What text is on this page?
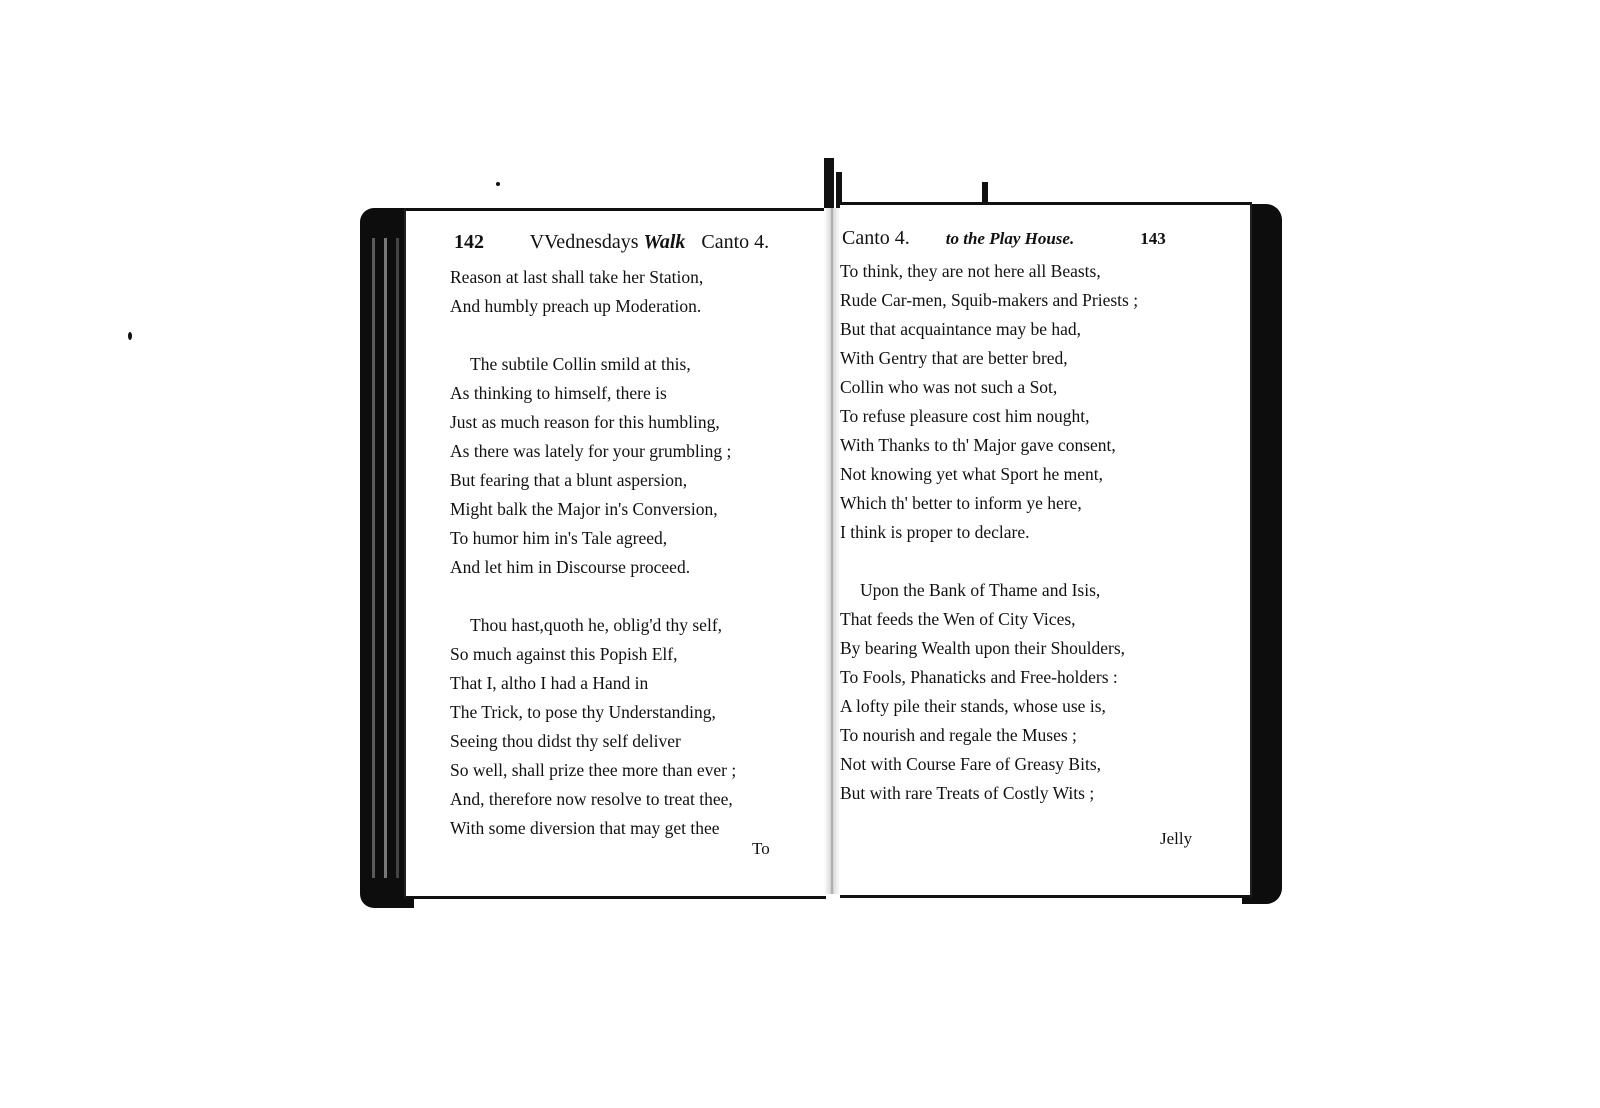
142 VVednesdays Walk Canto 4.
Reason at last shall take her Station,
And humbly preach up Moderation.
The subtile Collin smild at this,
As thinking to himself, there is
Just as much reason for this humbling,
As there was lately for your grumbling ;
But fearing that a blunt aspersion,
Might balk the Major in's Conversion,
To humor him in's Tale agreed,
And let him in Discourse proceed.
Thou hast,quoth he, oblig'd thy self,
So much against this Popish Elf,
That I, altho I had a Hand in
The Trick, to pose thy Understanding,
Seeing thou didst thy self deliver
So well, shall prize thee more than ever ;
And, therefore now resolve to treat thee,
With some diversion that may get thee
To
Canto 4. to the Play House.	143
To think, they are not here all Beasts,
Rude Car-men, Squib-makers and Priests ;
But that acquaintance may be had,
With Gentry that are better bred,
Collin who was not such a Sot,
To refuse pleasure cost him nought,
With Thanks to th' Major gave consent,
Not knowing yet what Sport he ment,
Which th' better to inform ye here,
I think is proper to declare.
Upon the Bank of Thame and Isis,
That feeds the Wen of City Vices,
By bearing Wealth upon their Shoulders,
To Fools, Phanaticks and Free-holders :
A lofty pile their stands, whose use is,
To nourish and regale the Muses ;
Not with Course Fare of Greasy Bits,
But with rare Treats of Costly Wits ;
Jelly
